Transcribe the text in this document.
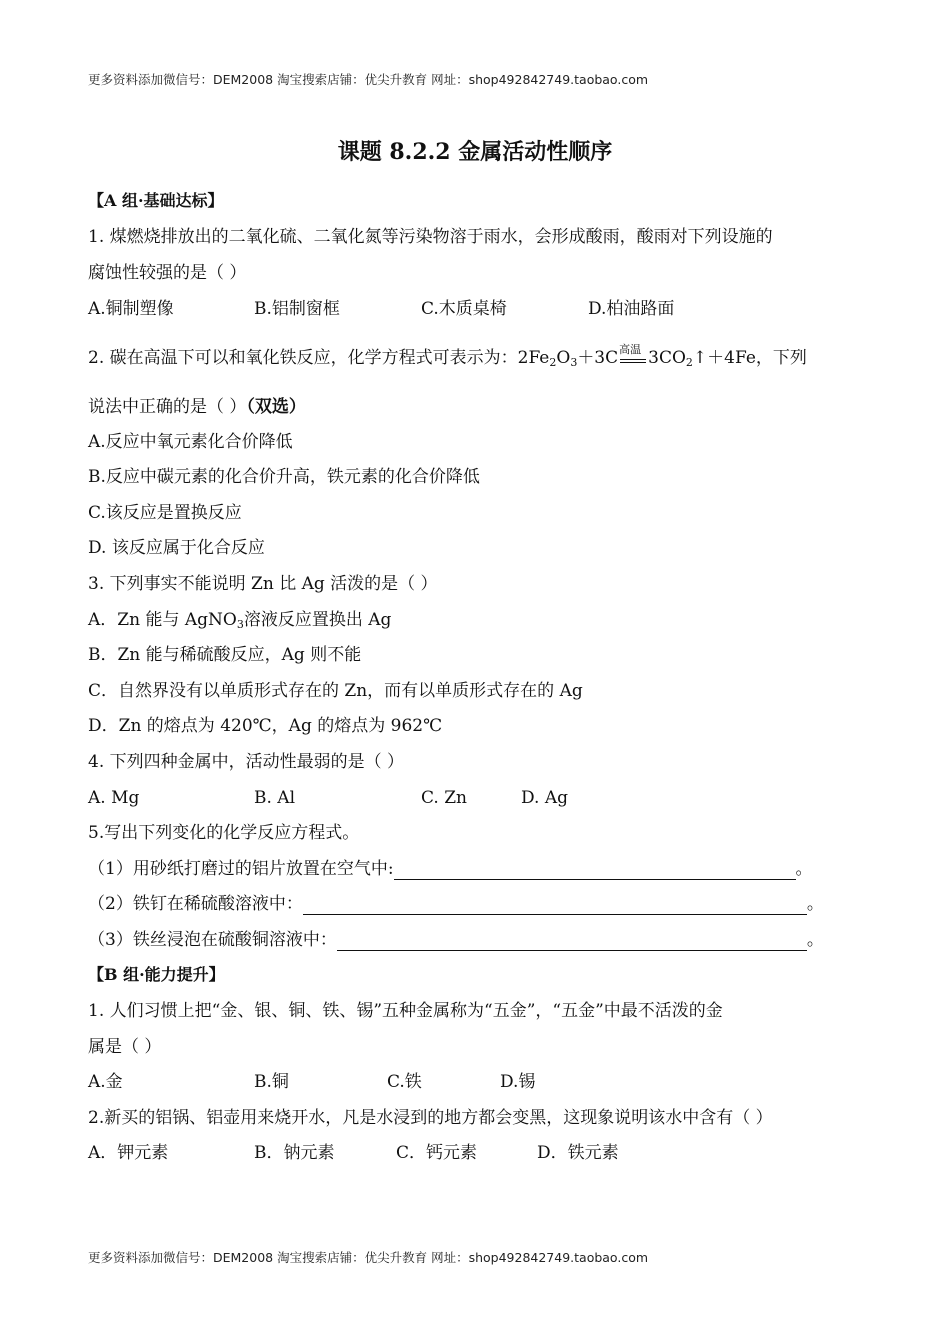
更多资料添加微信号：DEM2008 淘宝搜索店铺：优尖升教育 网址：shop492842749.taobao.com
课题 8.2.2 金属活动性顺序
【A 组·基础达标】
1. 煤燃烧排放出的二氧化硫、二氧化氮等污染物溶于雨水，会形成酸雨，酸雨对下列设施的
腐蚀性较强的是（ ）
A.铜制塑像	B.铝制窗框	C.木质桌椅	D.柏油路面
2. 碳在高温下可以和氧化铁反应，化学方程式可表示为：$2Fe_2O_3+3C$ 高温 $3CO_2↑+4Fe$，下列
说法中正确的是（ ）（双选）
A.反应中氧元素化合价降低
B.反应中碳元素的化合价升高，铁元素的化合价降低
C.该反应是置换反应
D. 该反应属于化合反应
3. 下列事实不能说明 Zn 比 Ag 活泼的是（ ）
A．Zn 能与 AgNO$_3$溶液反应置换出 Ag
B．Zn 能与稀硫酸反应，Ag 则不能
C．自然界没有以单质形式存在的 Zn，而有以单质形式存在的 Ag
D．Zn 的熔点为 420℃，Ag 的熔点为 962℃
4. 下列四种金属中，活动性最弱的是（ ）
A. Mg	B. Al	C. Zn	D. Ag
5.写出下列变化的化学反应方程式。
（1）用砂纸打磨过的铝片放置在空气中:	。
（2）铁钉在稀硫酸溶液中：	。
（3）铁丝浸泡在硫酸铜溶液中：	。
【B 组·能力提升】
1. 人们习惯上把“金、银、铜、铁、锡”五种金属称为“五金”，“五金”中最不活泼的金
属是（ ）
A.金	B.铜	C.铁	D.锡
2.新买的铝锅、铝壶用来烧开水，凡是水浸到的地方都会变黑，这现象说明该水中含有（ ）
A．钾元素	B．钠元素	C．钙元素	D．铁元素
更多资料添加微信号：DEM2008 淘宝搜索店铺：优尖升教育 网址：shop492842749.taobao.com
